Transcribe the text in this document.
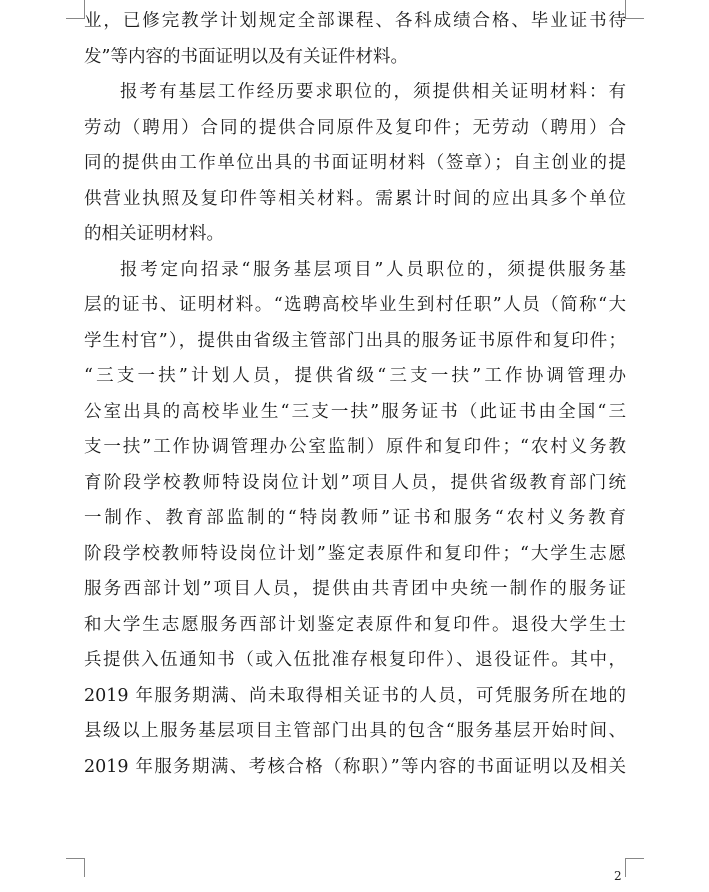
业，已修完教学计划规定全部课程、各科成绩合格、毕业证书待
发”等内容的书面证明以及有关证件材料。
报考有基层工作经历要求职位的，须提供相关证明材料：有
劳动（聘用）合同的提供合同原件及复印件；无劳动（聘用）合
同的提供由工作单位出具的书面证明材料（签章）；自主创业的提
供营业执照及复印件等相关材料。需累计时间的应出具多个单位
的相关证明材料。
报考定向招录“服务基层项目”人员职位的，须提供服务基
层的证书、证明材料。“选聘高校毕业生到村任职”人员（简称“大
学生村官”），提供由省级主管部门出具的服务证书原件和复印件；
“三支一扶”计划人员，提供省级“三支一扶”工作协调管理办
公室出具的高校毕业生“三支一扶”服务证书（此证书由全国“三
支一扶”工作协调管理办公室监制）原件和复印件；“农村义务教
育阶段学校教师特设岗位计划”项目人员，提供省级教育部门统
一制作、教育部监制的“特岗教师”证书和服务“农村义务教育
阶段学校教师特设岗位计划”鉴定表原件和复印件；“大学生志愿
服务西部计划”项目人员，提供由共青团中央统一制作的服务证
和大学生志愿服务西部计划鉴定表原件和复印件。退役大学生士
兵提供入伍通知书（或入伍批准存根复印件）、退役证件。其中，
2019 年服务期满、尚未取得相关证书的人员，可凭服务所在地的
县级以上服务基层项目主管部门出具的包含“服务基层开始时间、
2019 年服务期满、考核合格（称职）”等内容的书面证明以及相关
2
